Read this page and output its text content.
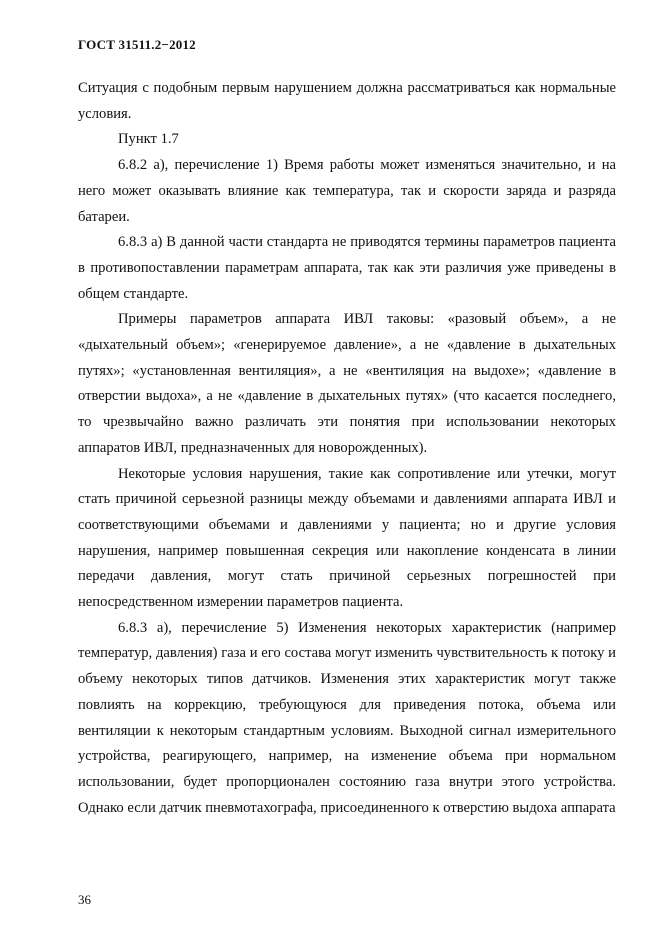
ГОСТ 31511.2−2012

Ситуация с подобным первым нарушением должна рассматриваться как нормальные условия.

Пункт 1.7

6.8.2 a), перечисление 1) Время работы может изменяться значительно, и на него может оказывать влияние как температура, так и скорости заряда и разряда батареи.

6.8.3 a) В данной части стандарта не приводятся термины параметров пациента в противопоставлении параметрам аппарата, так как эти различия уже приведены в общем стандарте.

Примеры параметров аппарата ИВЛ таковы: «разовый объем», а не «дыхательный объем»; «генерируемое давление», а не «давление в дыхательных путях»; «установленная вентиляция», а не «вентиляция на выдохе»; «давление в отверстии выдоха», а не «давление в дыхательных путях» (что касается последнего, то чрезвычайно важно различать эти понятия при использовании некоторых аппаратов ИВЛ, предназначенных для новорожденных).

Некоторые условия нарушения, такие как сопротивление или утечки, могут стать причиной серьезной разницы между объемами и давлениями аппарата ИВЛ и соответствующими объемами и давлениями у пациента; но и другие условия нарушения, например повышенная секреция или накопление конденсата в линии передачи давления, могут стать причиной серьезных погрешностей при непосредственном измерении параметров пациента.

6.8.3 a), перечисление 5) Изменения некоторых характеристик (например температур, давления) газа и его состава могут изменить чувствительность к потоку и объему некоторых типов датчиков. Изменения этих характеристик могут также повлиять на коррекцию, требующуюся для приведения потока, объема или вентиляции к некоторым стандартным условиям. Выходной сигнал измерительного устройства, реагирующего, например, на изменение объема при нормальном использовании, будет пропорционален состоянию газа внутри этого устройства. Однако если датчик пневмотахографа, присоединенного к отверстию выдоха аппарата

36
